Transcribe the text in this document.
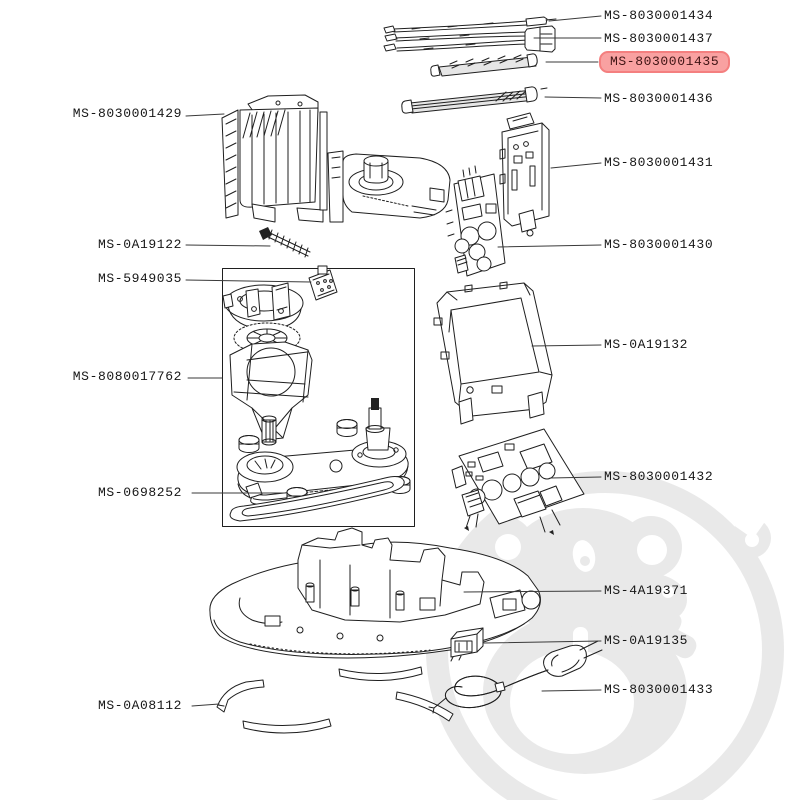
MS-8030001434
MS-8030001437
MS-8030001435
MS-8030001436
MS-8030001429
MS-8030001431
MS-0A19122	MS-8030001430
MS-5949035
MS-0A19132
MS-8080017762
MS-8030001432
MS-0698252
MS-4A19371
MS-0A19135
MS-8030001433
MS-0A08112
